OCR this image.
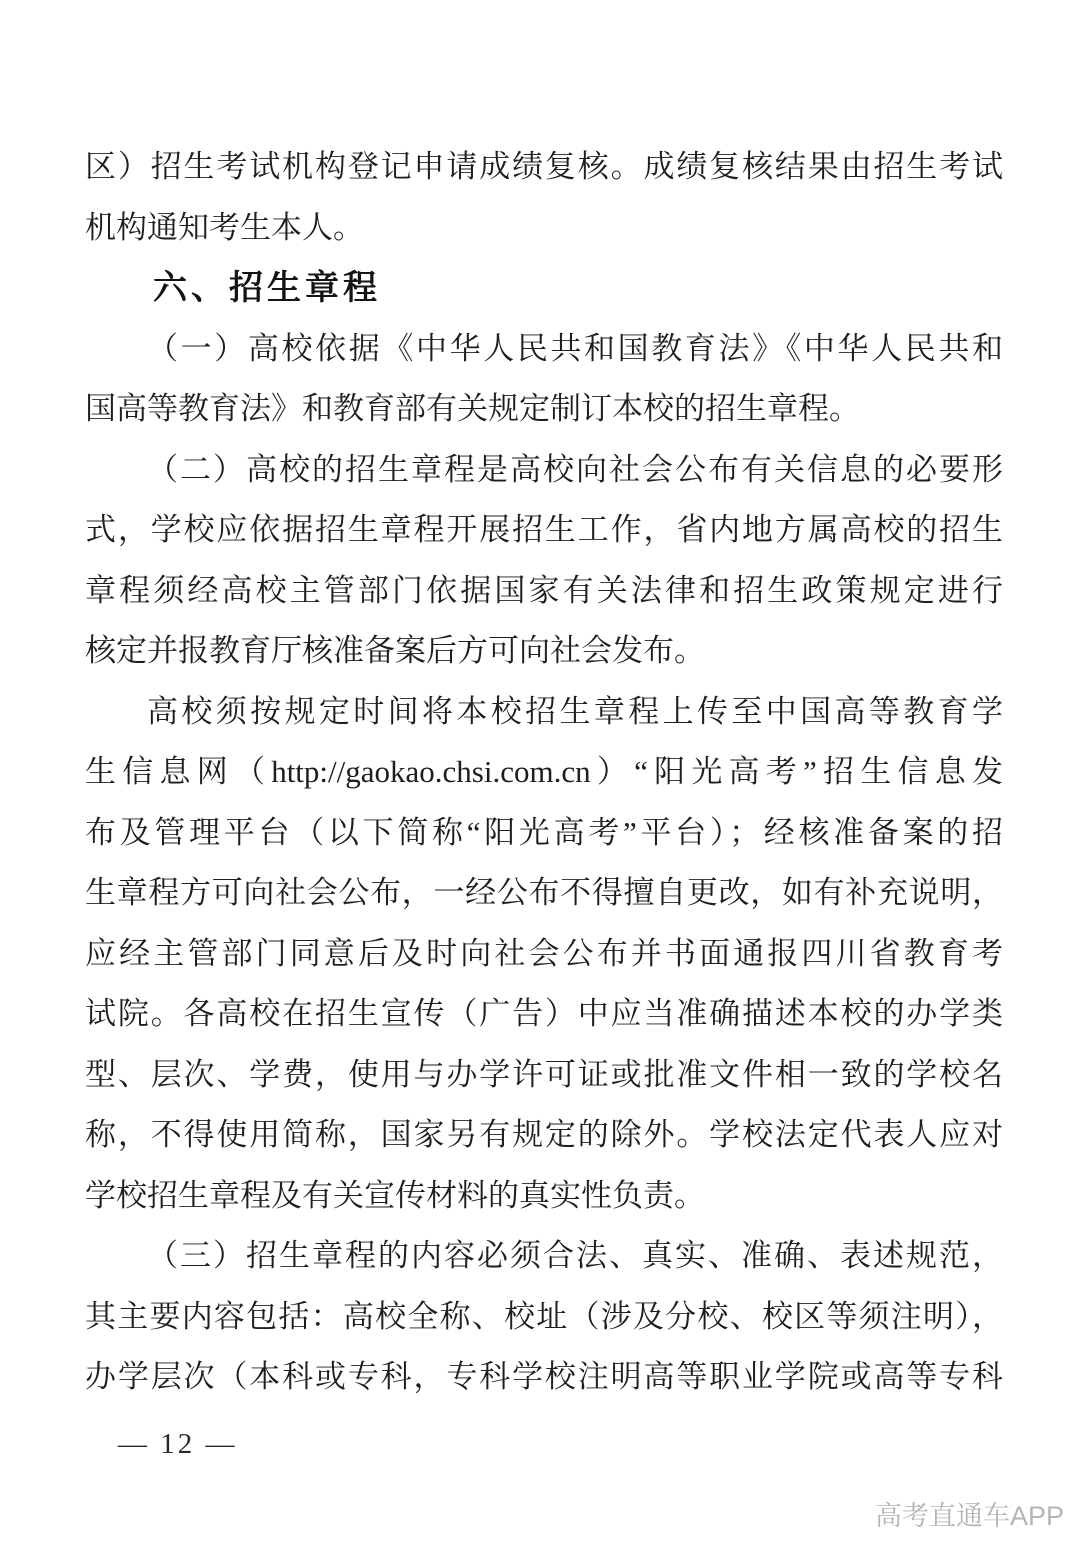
区）招生考试机构登记申请成绩复核。成绩复核结果由招生考试
机构通知考生本人。
六、招生章程
（一）高校依据《中华人民共和国教育法》《中华人民共和
国高等教育法》和教育部有关规定制订本校的招生章程。
（二）高校的招生章程是高校向社会公布有关信息的必要形
式，学校应依据招生章程开展招生工作，省内地方属高校的招生
章程须经高校主管部门依据国家有关法律和招生政策规定进行
核定并报教育厅核准备案后方可向社会发布。
高校须按规定时间将本校招生章程上传至中国高等教育学
生信息网（http://gaokao.chsi.com.cn）“阳光高考”招生信息发
布及管理平台（以下简称“阳光高考”平台）；经核准备案的招
生章程方可向社会公布，一经公布不得擅自更改，如有补充说明，
应经主管部门同意后及时向社会公布并书面通报四川省教育考
试院。各高校在招生宣传（广告）中应当准确描述本校的办学类
型、层次、学费，使用与办学许可证或批准文件相一致的学校名
称，不得使用简称，国家另有规定的除外。学校法定代表人应对
学校招生章程及有关宣传材料的真实性负责。
（三）招生章程的内容必须合法、真实、准确、表述规范，
其主要内容包括：高校全称、校址（涉及分校、校区等须注明），
办学层次（本科或专科，专科学校注明高等职业学院或高等专科
— 12 —
高考直通车APP
